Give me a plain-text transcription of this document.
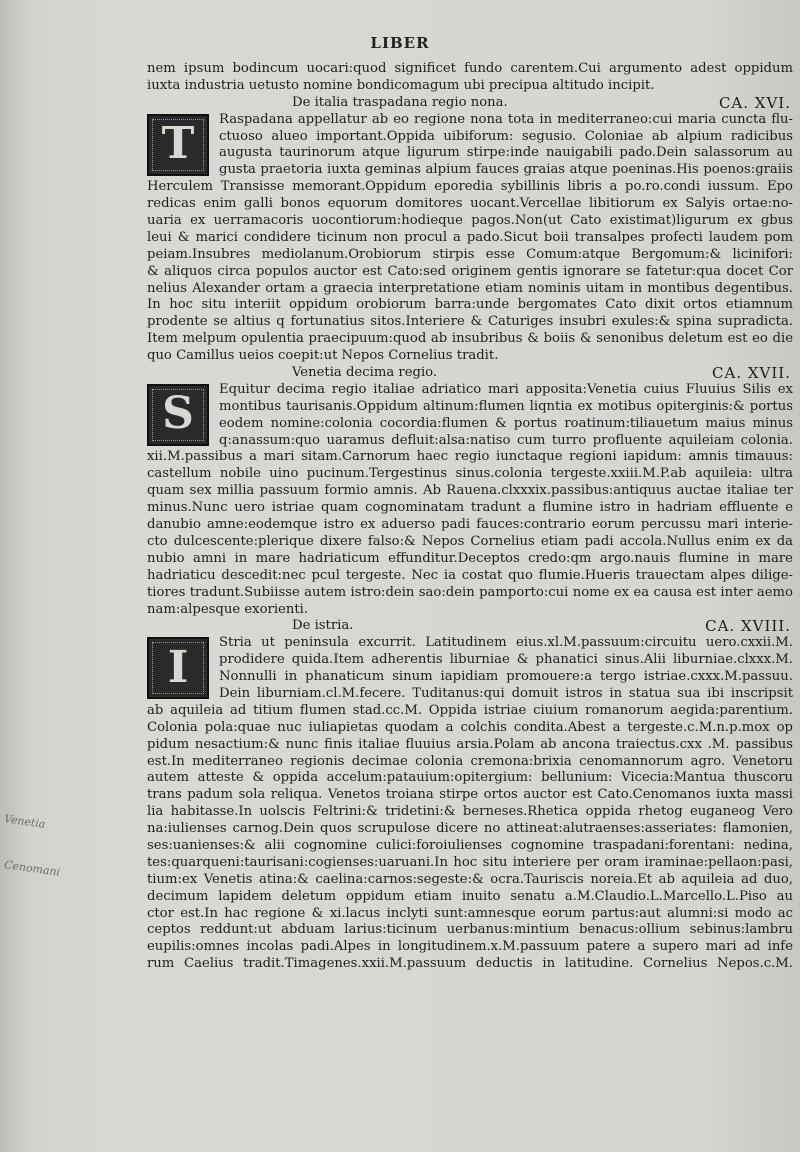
LIBER
Venetia
Cenomani
nem ipsum bodincum uocari:quod significet fundo carentem.Cui argumento adest oppidum
iuxta industria uetusto nomine bondicomagum ubi precipua altitudo incipit.
De italia traspadana regio nona.	CA. XVI.
T	Raspadana appellatur ab eo regione nona tota in mediterraneo:cui maria cuncta flu-
ctuoso alueo important.Oppida uibiforum: segusio. Coloniae ab alpium radicibus
augusta taurinorum atque ligurum stirpe:inde nauigabili pado.Dein salassorum au
gusta praetoria iuxta geminas alpium fauces graias atque poeninas.His poenos:graiis
Herculem Transisse memorant.Oppidum eporedia sybillinis libris a po.ro.condi iussum. Epo
redicas enim galli bonos equorum domitores uocant.Vercellae libitiorum ex Salyis ortae:no-
uaria ex uerramacoris uocontiorum:hodieque pagos.Non(ut Cato existimat)ligurum ex gbus
leui & marici condidere ticinum non procul a pado.Sicut boii transalpes profecti laudem pom
peiam.Insubres mediolanum.Orobiorum stirpis esse Comum:atque Bergomum:& licinifori:
& aliquos circa populos auctor est Cato:sed originem gentis ignorare se fatetur:qua docet Cor
nelius Alexander ortam a graecia interpretatione etiam nominis uitam in montibus degentibus.
In hoc situ interiit oppidum orobiorum barra:unde bergomates Cato dixit ortos etiamnum
prodente se altius q fortunatius sitos.Interiere & Caturiges insubri exules:& spina supradicta.
Item melpum opulentia praecipuum:quod ab insubribus & boiis & senonibus deletum est eo die
quo Camillus ueios coepit:ut Nepos Cornelius tradit.
Venetia decima regio.	CA. XVII.
S	Equitur decima regio italiae adriatico mari apposita:Venetia cuius Fluuius Silis ex
montibus taurisanis.Oppidum altinum:flumen liqntia ex motibus opiterginis:& portus
eodem nomine:colonia cocordia:flumen & portus roatinum:tiliauetum maius minus
q:anassum:quo uaramus defluit:alsa:natiso cum turro profluente aquileiam colonia.
xii.M.passibus a mari sitam.Carnorum haec regio iunctaque regioni iapidum: amnis timauus:
castellum nobile uino pucinum.Tergestinus sinus.colonia tergeste.xxiii.M.P.ab aquileia: ultra
quam sex millia passuum formio amnis. Ab Rauena.clxxxix.passibus:antiquus auctae italiae ter
minus.Nunc uero istriae quam cognominatam tradunt a flumine istro in hadriam effluente e
danubio amne:eodemque istro ex aduerso padi fauces:contrario eorum percussu mari interie-
cto dulcescente:plerique dixere falso:& Nepos Cornelius etiam padi accola.Nullus enim ex da
nubio amni in mare hadriaticum effunditur.Deceptos credo:qm argo.nauis flumine in mare
hadriaticu descedit:nec pcul tergeste. Nec ia costat quo flumie.Hueris trauectam alpes dilige-
tiores tradunt.Subiisse autem istro:dein sao:dein pamporto:cui nome ex ea causa est inter aemo
nam:alpesque exorienti.
De istria.	CA. XVIII.
I	Stria ut peninsula excurrit. Latitudinem eius.xl.M.passuum:circuitu uero.cxxii.M.
prodidere quida.Item adherentis liburniae & phanatici sinus.Alii liburniae.clxxx.M.
Nonnulli in phanaticum sinum iapidiam promouere:a tergo istriae.cxxx.M.passuu.
Dein liburniam.cl.M.fecere. Tuditanus:qui domuit istros in statua sua ibi inscripsit
ab aquileia ad titium flumen stad.cc.M. Oppida istriae ciuium romanorum aegida:parentium.
Colonia pola:quae nuc iuliapietas quodam a colchis condita.Abest a tergeste.c.M.n.p.mox op
pidum nesactium:& nunc finis italiae fluuius arsia.Polam ab ancona traiectus.cxx .M. passibus
est.In mediterraneo regionis decimae colonia cremona:brixia cenomannorum agro. Venetoru
autem atteste & oppida accelum:patauium:opitergium: bellunium: Vicecia:Mantua thuscoru
trans padum sola reliqua. Venetos troiana stirpe ortos auctor est Cato.Cenomanos iuxta massi
lia habitasse.In uolscis Feltrini:& tridetini:& berneses.Rhetica oppida rhetog euganeog Vero
na:iulienses carnog.Dein quos scrupulose dicere no attineat:alutraenses:asseriates: flamonien,
ses:uanienses:& alii cognomine culici:foroiulienses cognomine traspadani:forentani: nedina,
tes:quarqueni:taurisani:cogienses:uaruani.In hoc situ interiere per oram iraminae:pellaon:pasi,
tium:ex Venetis atina:& caelina:carnos:segeste:& ocra.Tauriscis noreia.Et ab aquileia ad duo,
decimum lapidem deletum oppidum etiam inuito senatu a.M.Claudio.L.Marcello.L.Piso au
ctor est.In hac regione & xi.lacus inclyti sunt:amnesque eorum partus:aut alumni:si modo ac
ceptos reddunt:ut abduam larius:ticinum uerbanus:mintium benacus:ollium sebinus:lambru
eupilis:omnes incolas padi.Alpes in longitudinem.x.M.passuum patere a supero mari ad infe
rum Caelius tradit.Timagenes.xxii.M.passuum deductis in latitudine. Cornelius Nepos.c.M.
